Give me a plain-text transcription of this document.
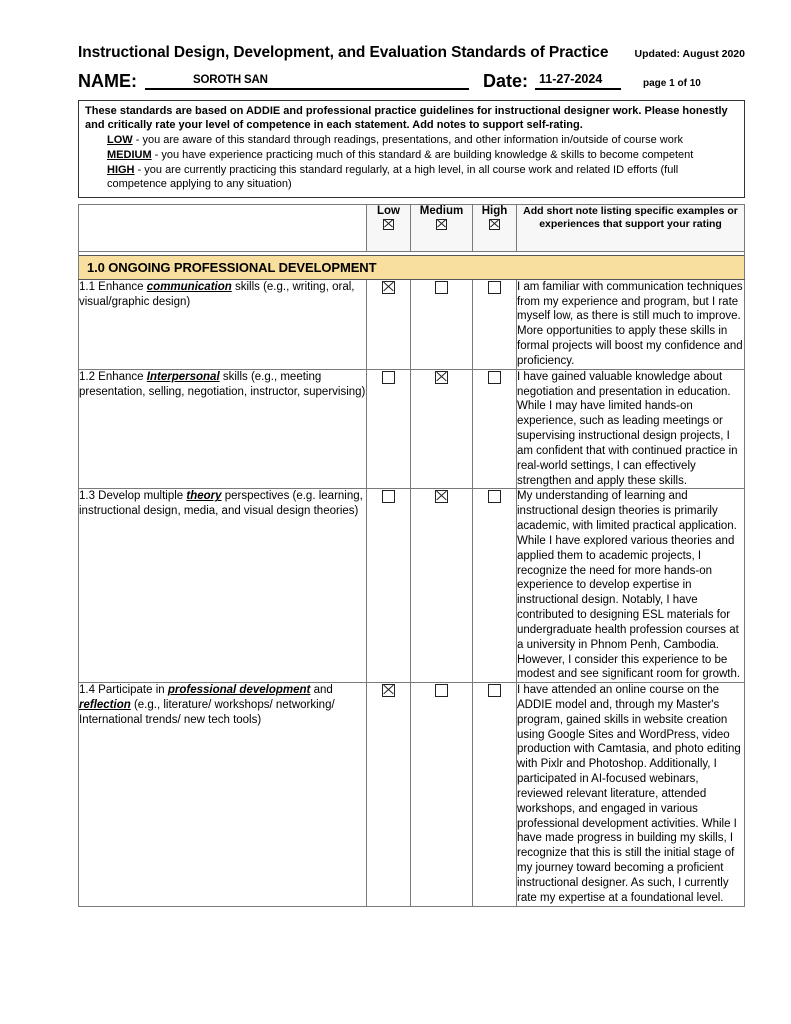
Instructional Design, Development, and Evaluation Standards of Practice	Updated: August 2020
NAME:	SOROTH SAN	Date: 11-27-2024	page 1 of 10
These standards are based on ADDIE and professional practice guidelines for instructional designer work. Please honestly and critically rate your level of competence in each statement. Add notes to support self-rating.
LOW - you are aware of this standard through readings, presentations, and other information in/outside of course work
MEDIUM - you have experience practicing much of this standard & are building knowledge & skills to become competent
HIGH - you are currently practicing this standard regularly, at a high level, in all course work and related ID efforts (full competence applying to any situation)
	Low	Medium	High	Add short note listing specific examples or experiences that support your rating

1.0 ONGOING PROFESSIONAL DEVELOPMENT				
1.1 Enhance communication skills (e.g., writing, oral, visual/graphic design)				I am familiar with communication techniques from my experience and program, but I rate myself low, as there is still much to improve. More opportunities to apply these skills in formal projects will boost my confidence and proficiency.
1.2 Enhance Interpersonal skills (e.g., meeting presentation, selling, negotiation, instructor, supervising)				I have gained valuable knowledge about negotiation and presentation in education. While I may have limited hands-on experience, such as leading meetings or supervising instructional design projects, I am confident that with continued practice in real-world settings, I can effectively strengthen and apply these skills.
1.3 Develop multiple theory perspectives (e.g. learning, instructional design, media, and visual design theories)				My understanding of learning and instructional design theories is primarily academic, with limited practical application. While I have explored various theories and applied them to academic projects, I recognize the need for more hands-on experience to develop expertise in instructional design. Notably, I have contributed to designing ESL materials for undergraduate health profession courses at a university in Phnom Penh, Cambodia. However, I consider this experience to be modest and see significant room for growth.
1.4 Participate in professional development and reflection (e.g., literature/ workshops/ networking/ International trends/ new tech tools)				I have attended an online course on the ADDIE model and, through my Master's program, gained skills in website creation using Google Sites and WordPress, video production with Camtasia, and photo editing with Pixlr and Photoshop. Additionally, I participated in AI-focused webinars, reviewed relevant literature, attended workshops, and engaged in various professional development activities. While I have made progress in building my skills, I recognize that this is still the initial stage of my journey toward becoming a proficient instructional designer. As such, I currently rate my expertise at a foundational level.
